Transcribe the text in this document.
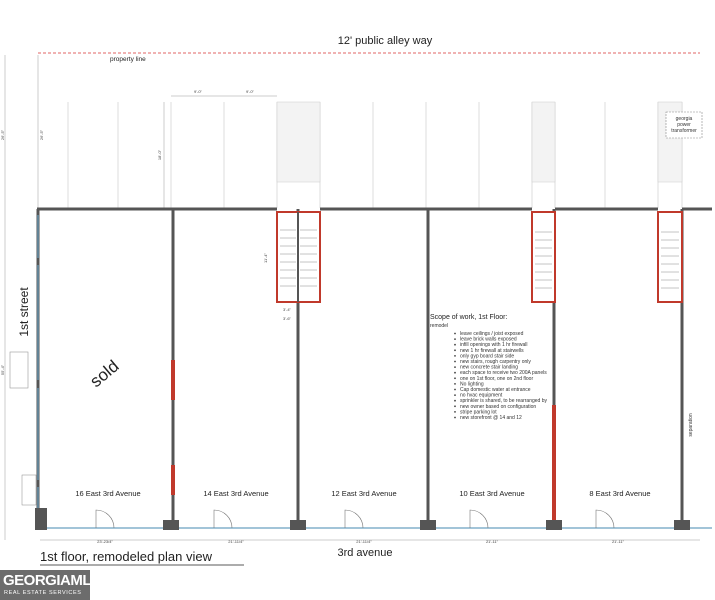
12' public alley way
property line
26'-5"
55'-4"
26'-5"
9'-0"	9'-0"
18'-0"
georgia
power
transformer
11'-4"
3'-4"
3'-6"
separation
sold
1st street
16 East 3rd Avenue	14 East 3rd Avenue	12 East 3rd Avenue	10 East 3rd Avenue	8 East 3rd Avenue
23'-23/4"	21'-11/4"	21'-11/4"	21'-11"	21'-11"
3rd avenue
1st floor, remodeled plan view
Scope of work, 1st Floor:
remodel
leave ceilings / joist exposed
leave brick walls exposed
infill openings with 1 hr firewall
new 1 hr firewall at stairwells
only gyp board stair side
new stairs, rough carpentry only
new concrete stair landing
each space to receive two 200A panels
one on 1st floor, one on 2nd floor
No lighting
Cap domestic water at entrance
no hvac equipment
sprinkler is shared, to be rearranged by
new owner based on configuration
stripe parking lot
new storefront @ 14 and 12
GEORGIAMLS
REAL ESTATE SERVICES
